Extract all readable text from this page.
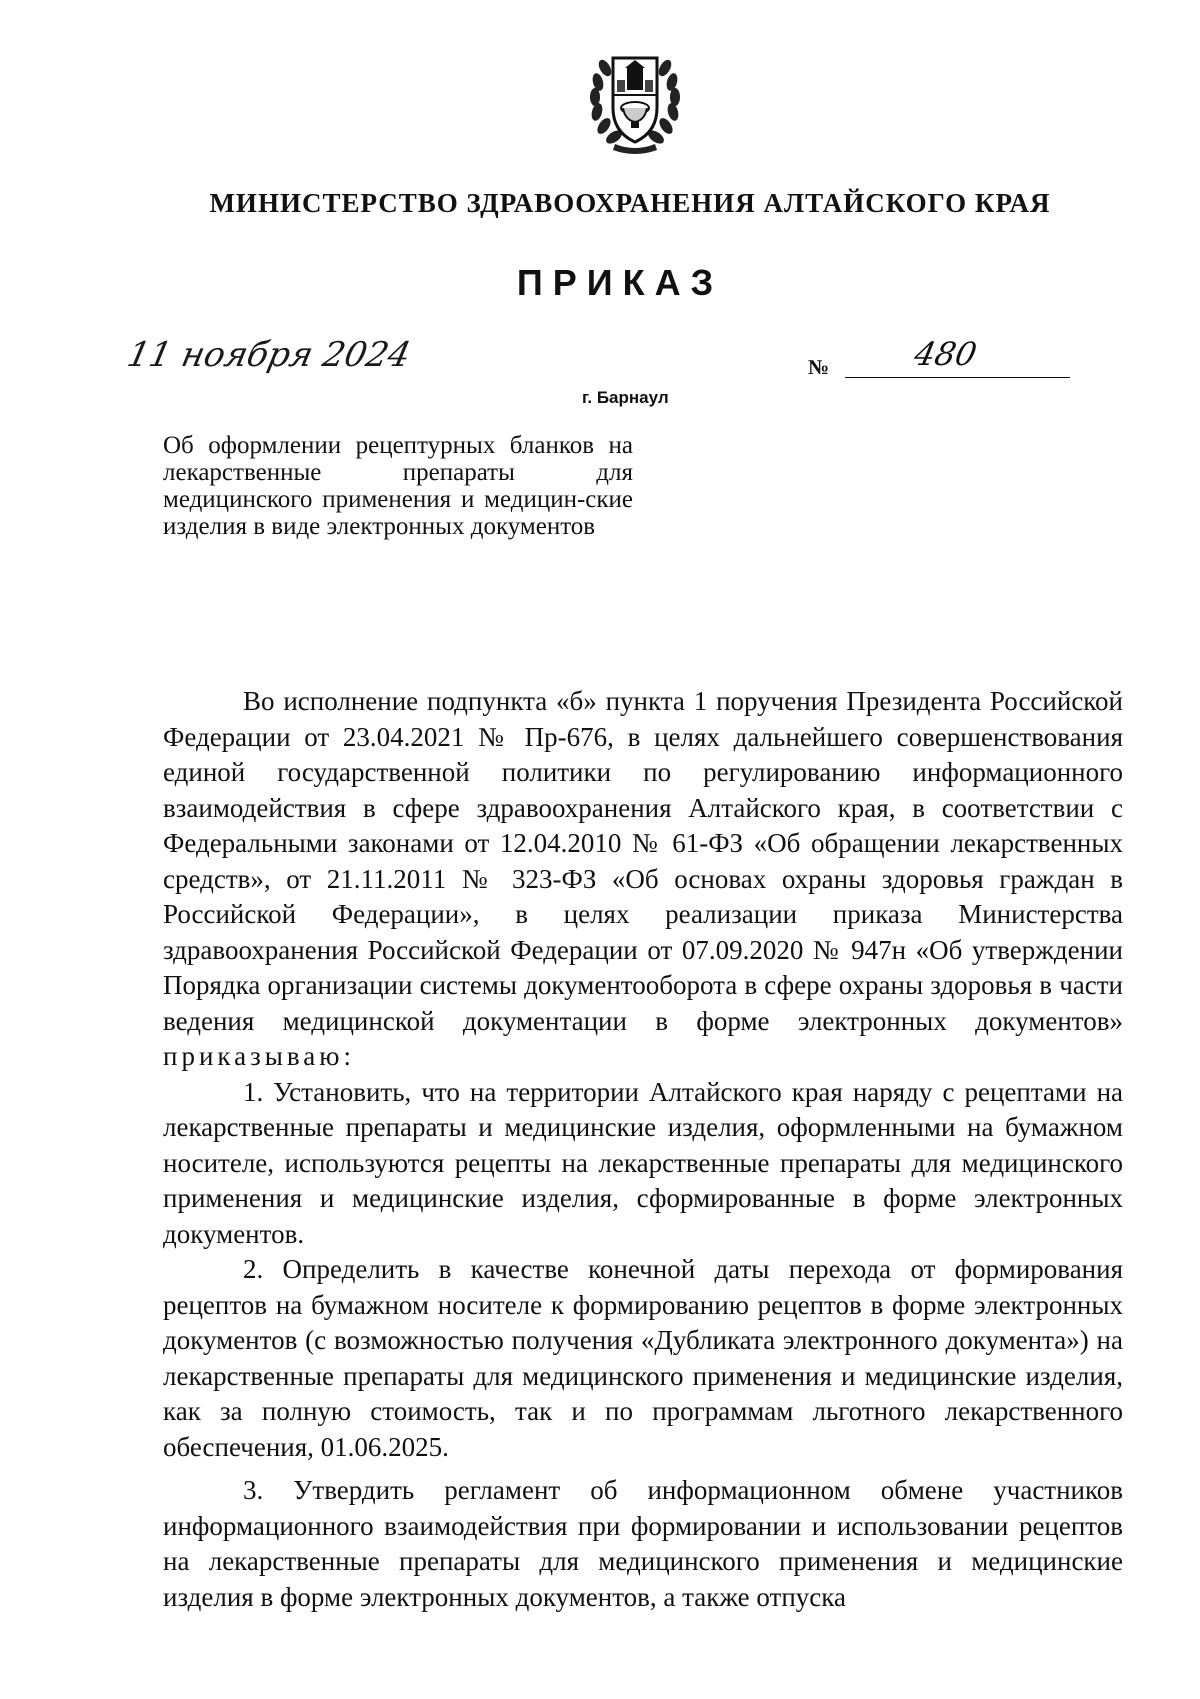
МИНИСТЕРСТВО ЗДРАВООХРАНЕНИЯ АЛТАЙСКОГО КРАЯ
ПРИКАЗ
11 ноября 2024	№	480
г. Барнаул

Об оформлении рецептурных бланков на лекарственные препараты для медицинского применения и медицин-ские изделия в виде электронных документов

Во исполнение подпункта «б» пункта 1 поручения Президента Российской Федерации от 23.04.2021 № Пр-676, в целях дальнейшего совершенствования единой государственной политики по регулированию информационного взаимодействия в сфере здравоохранения Алтайского края, в соответствии с Федеральными законами от 12.04.2010 № 61-ФЗ «Об обращении лекарственных средств», от 21.11.2011 № 323-ФЗ «Об основах охраны здоровья граждан в Российской Федерации», в целях реализации приказа Министерства здравоохранения Российской Федерации от 07.09.2020 № 947н «Об утверждении Порядка организации системы документооборота в сфере охраны здоровья в части ведения медицинской документации в форме электронных документов» приказываю:

1. Установить, что на территории Алтайского края наряду с рецептами на лекарственные препараты и медицинские изделия, оформленными на бумажном носителе, используются рецепты на лекарственные препараты для медицинского применения и медицинские изделия, сформированные в форме электронных документов.

2. Определить в качестве конечной даты перехода от формирования рецептов на бумажном носителе к формированию рецептов в форме электронных документов (с возможностью получения «Дубликата электронного документа») на лекарственные препараты для медицинского применения и медицинские изделия, как за полную стоимость, так и по программам льготного лекарственного обеспечения, 01.06.2025.

3. Утвердить регламент об информационном обмене участников информационного взаимодействия при формировании и использовании рецептов на лекарственные препараты для медицинского применения и медицинские изделия в форме электронных документов, а также отпуска
